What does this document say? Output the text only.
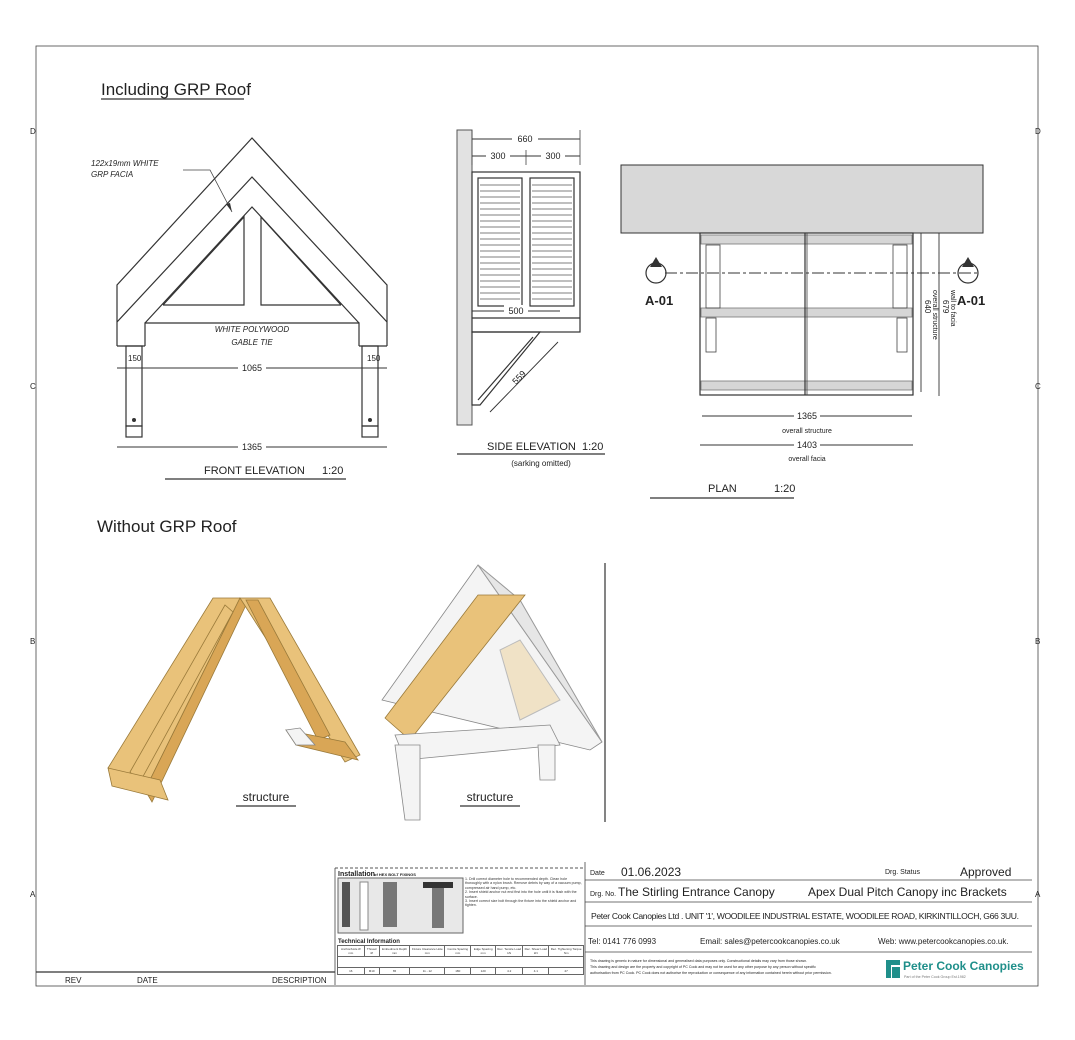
D
C
B
A
D
C
B
A
Including GRP Roof
Without GRP Roof
122x19mm WHITE
GRP FACIA
WHITE POLYWOOD
GABLE TIE
150	150
1065
1365
FRONT ELEVATION 1:20
660
300	300
500
559
SIDE ELEVATION 1:20
(sarking omitted)
A-01	A-01
640 overall structure 679 wall to facia
1365
overall structure
1403
overall facia
PLAN	1:20
structure	structure
REV	DATE	DESCRIPTION
Installation of HEX BOLT FIXINGS
1. Drill correct diameter hole to recommended depth. Clean hole thoroughly with a nylon brush. Remove debris by way of a vacuum pump, compressed air hand pump, etc.
2. Insert shield anchor nut end first into the hole until it is flush with the surface.
3. Insert correct size bolt through the fixture into the shield anchor and tighten.
Technical Information
Anchor/Hole Ø mm	Thread Ø	Embedment Depth mm	Fixture Clearance Hole mm	Centre Spacing mm	Edge Spacing mm	Rec. Tensile Load kN	Rec. Shear Load kN	Rec. Tightening Torque Nm

16	M10	65	11 - 12	180	120	4.2	4.1	27
Date 01.06.2023	Drg. Status	Approved
Drg. No. The Stirling Entrance Canopy	Apex Dual Pitch Canopy inc Brackets
Peter Cook Canopies Ltd . UNIT '1', WOODILEE INDUSTRIAL ESTATE, WOODILEE ROAD, KIRKINTILLOCH, G66 3UU.
Tel: 0141 776 0993	Email: sales@petercookcanopies.co.uk	Web: www.petercookcanopies.co.uk.
This drawing is generic in nature for dimensional and generalised data purposes only. Constructional details may vary from those shown.
This drawing and design are the property and copyright of PC Cook and may not be used for any other purpose by any person without specific
authorisation from PC Cook. PC Cook does not authorise the reproduction or consequence of any information contained herein without prior permission.	Peter Cook Canopies
Part of the Peter Cook Group Est.1982
